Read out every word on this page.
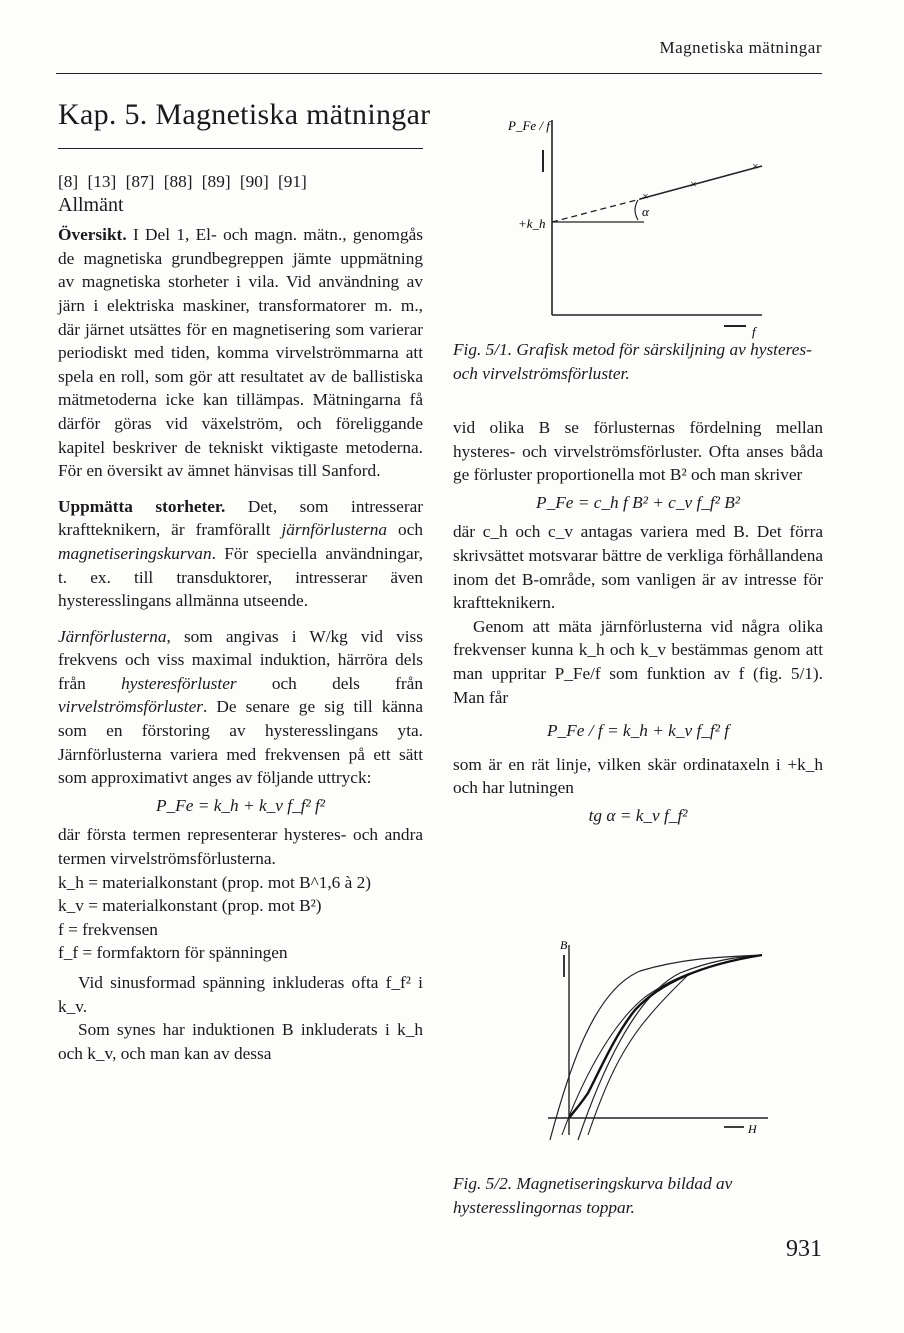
Magnetiska mätningar
Kap. 5. Magnetiska mätningar

[8] [13] [87] [88] [89] [90] [91]

Allmänt

Översikt. I Del 1, El- och magn. mätn., genomgås de magnetiska grundbegreppen jämte uppmätning av magnetiska storheter i vila. Vid användning av järn i elektriska maskiner, transformatorer m. m., där järnet utsättes för en magnetisering som varierar periodiskt med tiden, komma virvelströmmarna att spela en roll, som gör att resultatet av de ballistiska mätmetoderna icke kan tillämpas. Mätningarna få därför göras vid växelström, och föreliggande kapitel beskriver de tekniskt viktigaste metoderna. För en översikt av ämnet hänvisas till Sanford.

Uppmätta storheter. Det, som intresserar kraftteknikern, är framförallt järnförlusterna och magnetiseringskurvan. För speciella användningar, t. ex. till transduktorer, intresserar även hysteresslingans allmänna utseende.

Järnförlusterna, som angivas i W/kg vid viss frekvens och viss maximal induktion, härröra dels från hysteresförluster och dels från virvelströmsförluster. De senare ge sig till känna som en förstoring av hysteresslingans yta. Järnförlusterna variera med frekvensen på ett sätt som approximativt anges av följande uttryck:

P_Fe = k_h + k_v f_f² f²

där första termen representerar hysteres- och andra termen virvelströmsförlusterna.

k_h = materialkonstant (prop. mot B^1,6 à 2)
k_v = materialkonstant (prop. mot B²)
f = frekvensen
f_f = formfaktorn för spänningen

Vid sinusformad spänning inkluderas ofta f_f² i k_v.

Som synes har induktionen B inkluderats i k_h och k_v, och man kan av dessa

P_Fe / f
×
×
×
α
+k_h
f
Fig. 5/1. Grafisk metod för särskiljning av hysteres- och virvelströmsförluster.

vid olika B se förlusternas fördelning mellan hysteres- och virvelströmsförluster. Ofta anses båda ge förluster proportionella mot B² och man skriver

P_Fe = c_h f B² + c_v f_f² B²

där c_h och c_v antagas variera med B. Det förra skrivsättet motsvarar bättre de verkliga förhållandena inom det B-område, som vanligen är av intresse för kraftteknikern.

Genom att mäta järnförlusterna vid några olika frekvenser kunna k_h och k_v bestämmas genom att man uppritar P_Fe/f som funktion av f (fig. 5/1). Man får

P_Fe / f = k_h + k_v f_f² f

som är en rät linje, vilken skär ordinataxeln i +k_h och har lutningen

tg α = k_v f_f²
B
H
Fig. 5/2. Magnetiseringskurva bildad av hysteresslingornas toppar.
931
